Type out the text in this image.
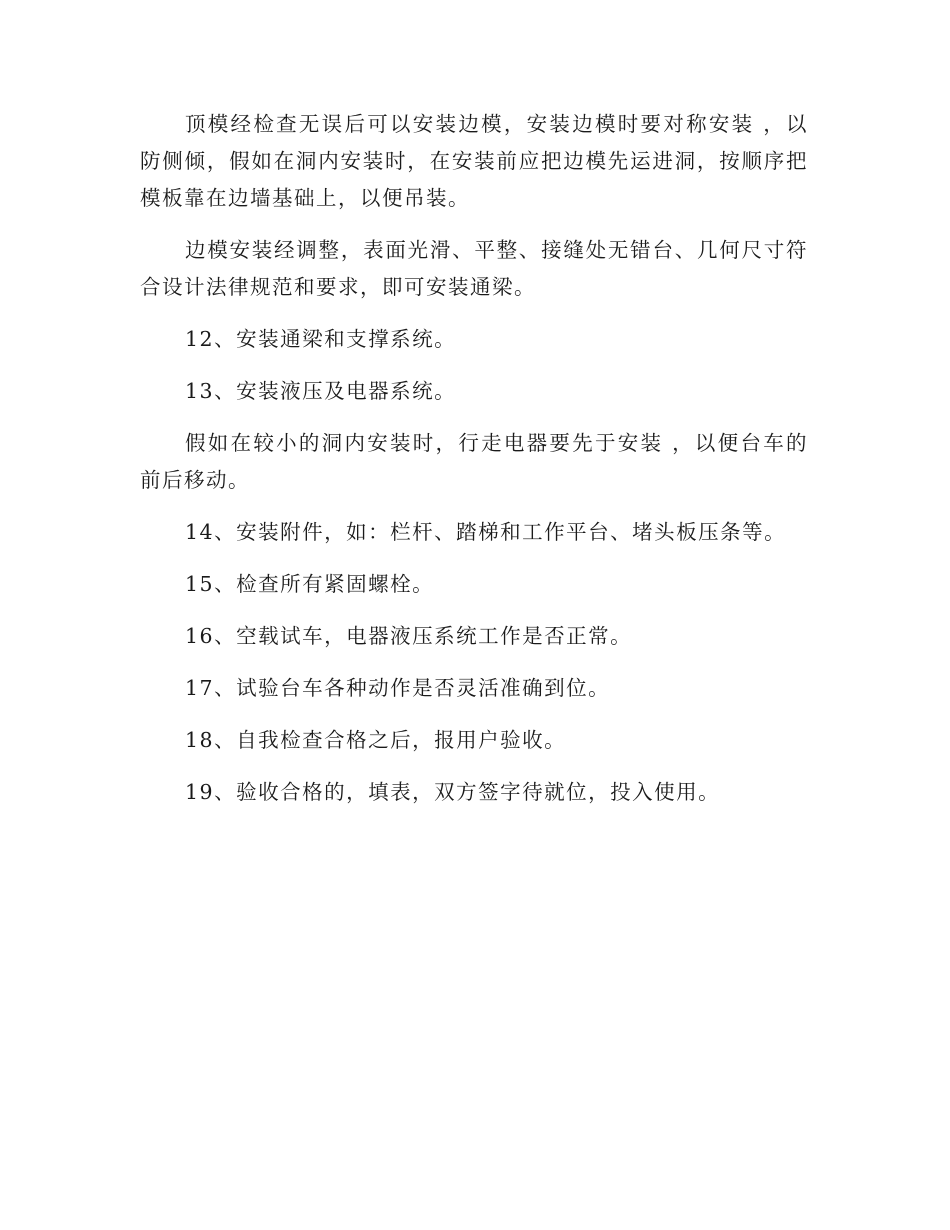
顶模经检查无误后可以安装边模，安装边模时要对称安装 ，以防侧倾，假如在洞内安装时，在安装前应把边模先运进洞，按顺序把模板靠在边墙基础上，以便吊装。

边模安装经调整，表面光滑、平整、接缝处无错台、几何尺寸符合设计法律规范和要求，即可安装通梁。

12、安装通梁和支撑系统。

13、安装液压及电器系统。

假如在较小的洞内安装时，行走电器要先于安装 ，以便台车的前后移动。

14、安装附件，如：栏杆、踏梯和工作平台、堵头板压条等。

15、检查所有紧固螺栓。

16、空载试车，电器液压系统工作是否正常。

17、试验台车各种动作是否灵活准确到位。

18、自我检查合格之后，报用户验收。

19、验收合格的，填表，双方签字待就位，投入使用。
